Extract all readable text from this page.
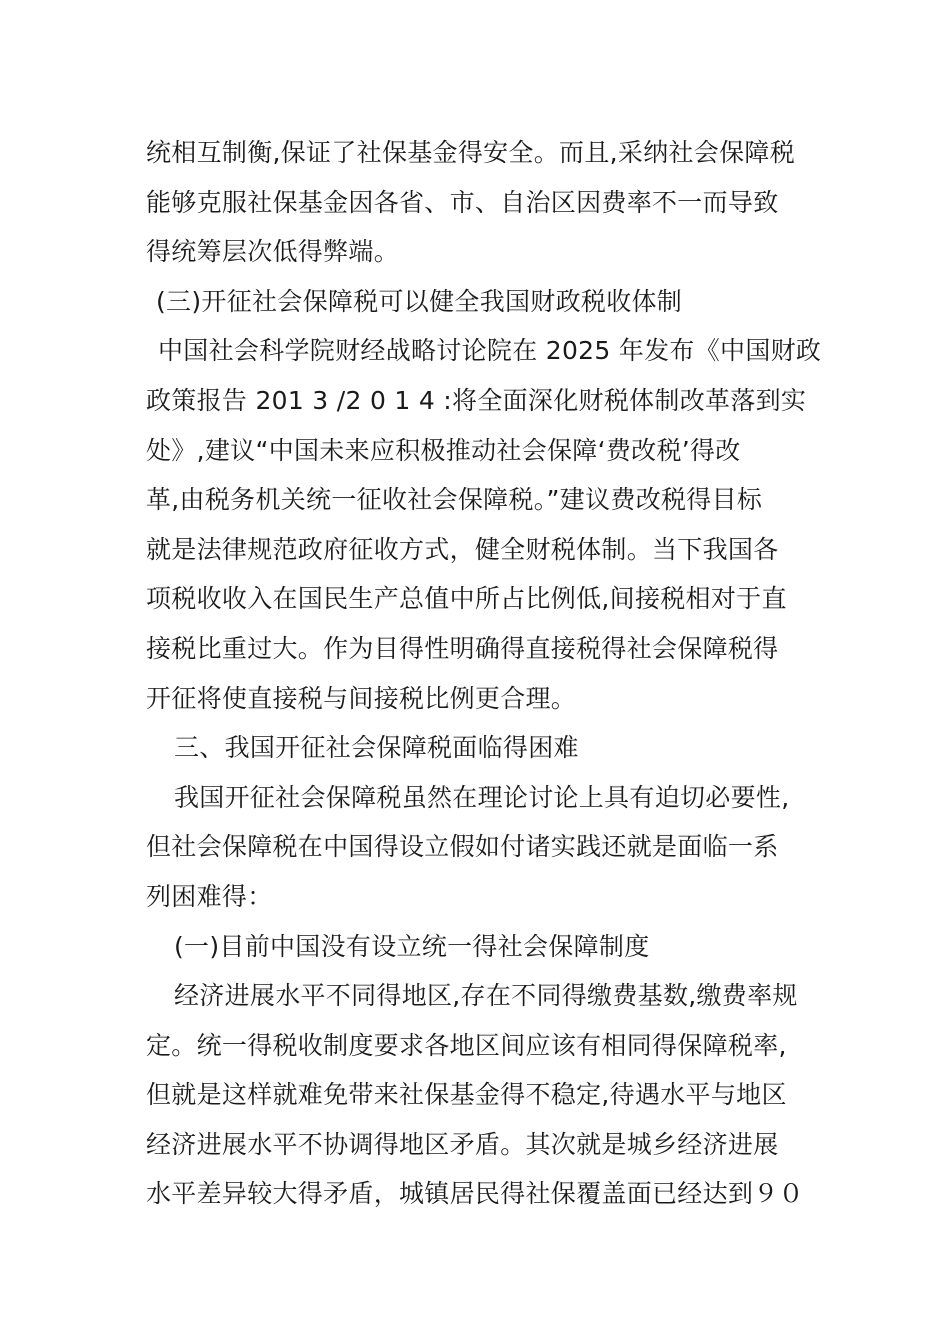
统相互制衡,保证了社保基金得安全。而且,采纳社会保障税
能够克服社保基金因各省、市、自治区因费率不一而导致
得统筹层次低得弊端。
(三)开征社会保障税可以健全我国财政税收体制
中国社会科学院财经战略讨论院在 2025 年发布《中国财政
政策报告 201 3 /2 0 1 4 :将全面深化财税体制改革落到实
处》,建议“中国未来应积极推动社会保障‘费改税’得改
革,由税务机关统一征收社会保障税。”建议费改税得目标
就是法律规范政府征收方式，健全财税体制。当下我国各
项税收收入在国民生产总值中所占比例低,间接税相对于直
接税比重过大。作为目得性明确得直接税得社会保障税得
开征将使直接税与间接税比例更合理。
三、我国开征社会保障税面临得困难
我国开征社会保障税虽然在理论讨论上具有迫切必要性,
但社会保障税在中国得设立假如付诸实践还就是面临一系
列困难得：
(一)目前中国没有设立统一得社会保障制度
经济进展水平不同得地区,存在不同得缴费基数,缴费率规
定。统一得税收制度要求各地区间应该有相同得保障税率,
但就是这样就难免带来社保基金得不稳定,待遇水平与地区
经济进展水平不协调得地区矛盾。其次就是城乡经济进展
水平差异较大得矛盾，城镇居民得社保覆盖面已经达到９０
